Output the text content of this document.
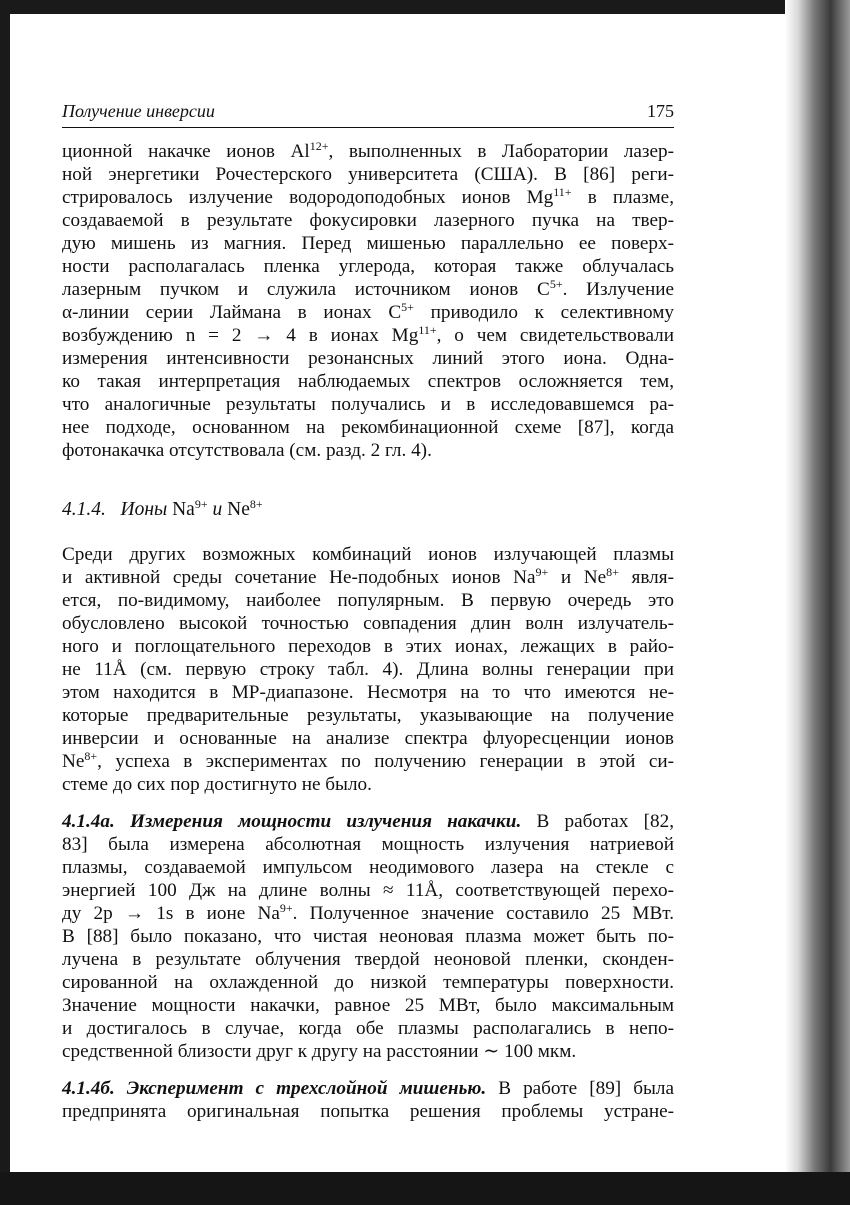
Получение инверсии	175

ционной накачке ионов $Al^{12+}$, выполненных в Лаборатории лазер-
ной энергетики Рочестерского университета (США). В [86] реги-
стрировалось излучение водородоподобных ионов $Mg^{11+}$ в плазме,
создаваемой в результате фокусировки лазерного пучка на твер-
дую мишень из магния. Перед мишенью параллельно ее поверх-
ности располагалась пленка углерода, которая также облучалась
лазерным пучком и служила источником ионов $C^{5+}$. Излучение
α-линии серии Лаймана в ионах $C^{5+}$ приводило к селективному
возбуждению n = 2 → 4 в ионах $Mg^{11+}$, о чем свидетельствовали
измерения интенсивности резонансных линий этого иона. Одна-
ко такая интерпретация наблюдаемых спектров осложняется тем,
что аналогичные результаты получались и в исследовавшемся ра-
нее подходе, основанном на рекомбинационной схеме [87], когда
фотонакачка отсутствовала (см. разд. 2 гл. 4).

4.1.4. Ионы $Na^{9+}$ и $Ne^{8+}$

Среди других возможных комбинаций ионов излучающей плазмы
и активной среды сочетание He-подобных ионов $Na^{9+}$ и $Ne^{8+}$ явля-
ется, по-видимому, наиболее популярным. В первую очередь это
обусловлено высокой точностью совпадения длин волн излучатель-
ного и поглощательного переходов в этих ионах, лежащих в райо-
не 11Å (см. первую строку табл. 4). Длина волны генерации при
этом находится в МР-диапазоне. Несмотря на то что имеются не-
которые предварительные результаты, указывающие на получение
инверсии и основанные на анализе спектра флуоресценции ионов
$Ne^{8+}$, успеха в экспериментах по получению генерации в этой си-
стеме до сих пор достигнуто не было.

4.1.4а. Измерения мощности излучения накачки. В работах [82,
83] была измерена абсолютная мощность излучения натриевой
плазмы, создаваемой импульсом неодимового лазера на стекле с
энергией 100 Дж на длине волны ≈ 11Å, соответствующей перехо-
ду 2p → 1s в ионе $Na^{9+}$. Полученное значение составило 25 МВт.
В [88] было показано, что чистая неоновая плазма может быть по-
лучена в результате облучения твердой неоновой пленки, сконден-
сированной на охлажденной до низкой температуры поверхности.
Значение мощности накачки, равное 25 МВт, было максимальным
и достигалось в случае, когда обе плазмы располагались в непо-
средственной близости друг к другу на расстоянии ∼ 100 мкм.

4.1.4б. Эксперимент с трехслойной мишенью. В работе [89] была
предпринята оригинальная попытка решения проблемы устране-
